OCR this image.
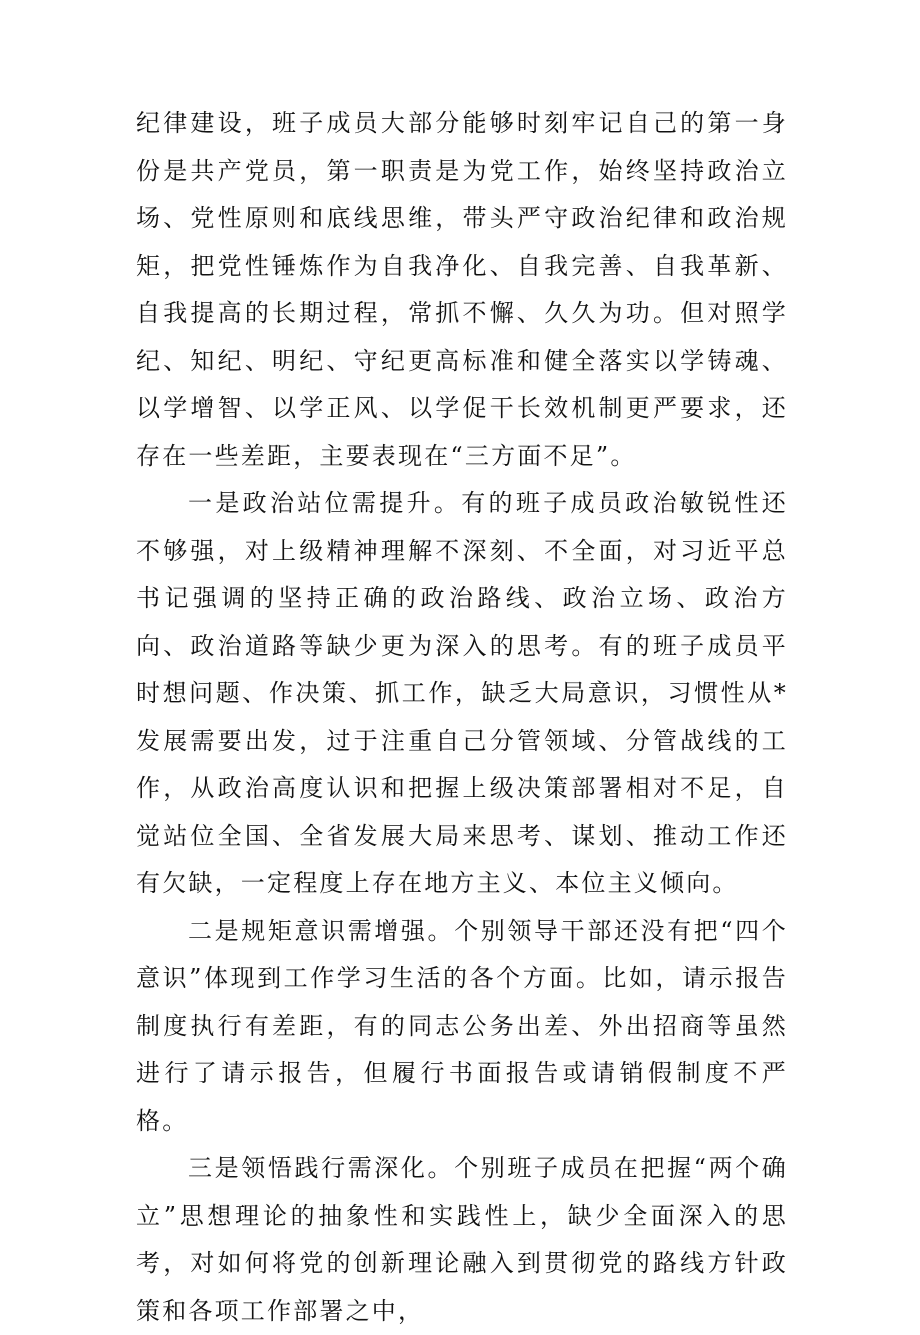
纪律建设，班子成员大部分能够时刻牢记自己的第一身份是共产党员，第一职责是为党工作，始终坚持政治立场、党性原则和底线思维，带头严守政治纪律和政治规矩，把党性锤炼作为自我净化、自我完善、自我革新、自我提高的长期过程，常抓不懈、久久为功。但对照学纪、知纪、明纪、守纪更高标准和健全落实以学铸魂、以学增智、以学正风、以学促干长效机制更严要求，还存在一些差距，主要表现在“三方面不足”。

一是政治站位需提升。有的班子成员政治敏锐性还不够强，对上级精神理解不深刻、不全面，对习近平总书记强调的坚持正确的政治路线、政治立场、政治方向、政治道路等缺少更为深入的思考。有的班子成员平时想问题、作决策、抓工作，缺乏大局意识，习惯性从*发展需要出发，过于注重自己分管领域、分管战线的工作，从政治高度认识和把握上级决策部署相对不足，自觉站位全国、全省发展大局来思考、谋划、推动工作还有欠缺，一定程度上存在地方主义、本位主义倾向。

二是规矩意识需增强。个别领导干部还没有把“四个意识”体现到工作学习生活的各个方面。比如，请示报告制度执行有差距，有的同志公务出差、外出招商等虽然进行了请示报告，但履行书面报告或请销假制度不严格。

三是领悟践行需深化。个别班子成员在把握“两个确立”思想理论的抽象性和实践性上，缺少全面深入的思考，对如何将党的创新理论融入到贯彻党的路线方针政策和各项工作部署之中，
